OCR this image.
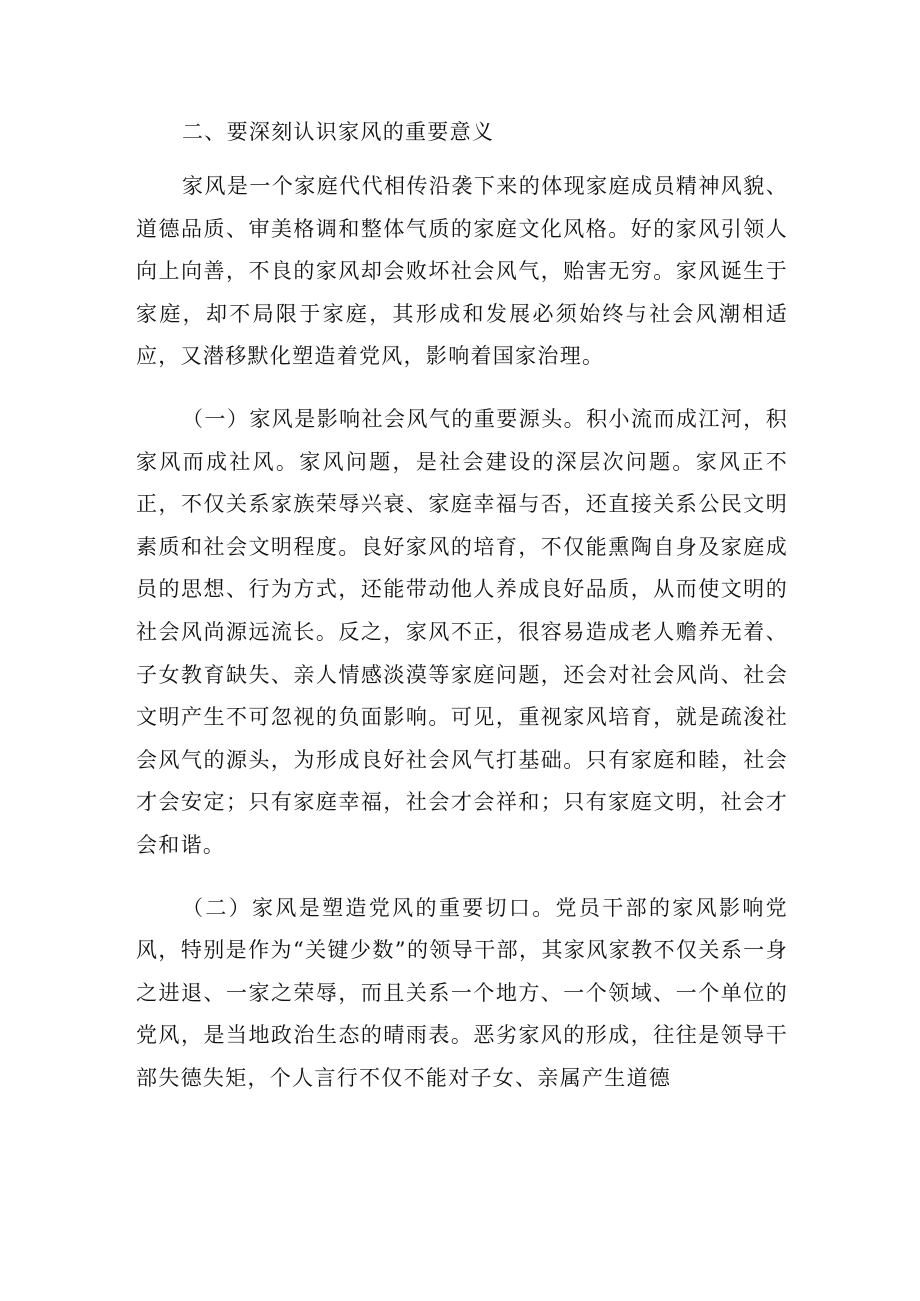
二、要深刻认识家风的重要意义

家风是一个家庭代代相传沿袭下来的体现家庭成员精神风貌、道德品质、审美格调和整体气质的家庭文化风格。好的家风引领人向上向善，不良的家风却会败坏社会风气，贻害无穷。家风诞生于家庭，却不局限于家庭，其形成和发展必须始终与社会风潮相适应，又潜移默化塑造着党风，影响着国家治理。

（一）家风是影响社会风气的重要源头。积小流而成江河，积家风而成社风。家风问题，是社会建设的深层次问题。家风正不正，不仅关系家族荣辱兴衰、家庭幸福与否，还直接关系公民文明素质和社会文明程度。良好家风的培育，不仅能熏陶自身及家庭成员的思想、行为方式，还能带动他人养成良好品质，从而使文明的社会风尚源远流长。反之，家风不正，很容易造成老人赡养无着、子女教育缺失、亲人情感淡漠等家庭问题，还会对社会风尚、社会文明产生不可忽视的负面影响。可见，重视家风培育，就是疏浚社会风气的源头，为形成良好社会风气打基础。只有家庭和睦，社会才会安定；只有家庭幸福，社会才会祥和；只有家庭文明，社会才会和谐。

（二）家风是塑造党风的重要切口。党员干部的家风影响党风，特别是作为“关键少数”的领导干部，其家风家教不仅关系一身之进退、一家之荣辱，而且关系一个地方、一个领域、一个单位的党风，是当地政治生态的晴雨表。恶劣家风的形成，往往是领导干部失德失矩，个人言行不仅不能对子女、亲属产生道德
